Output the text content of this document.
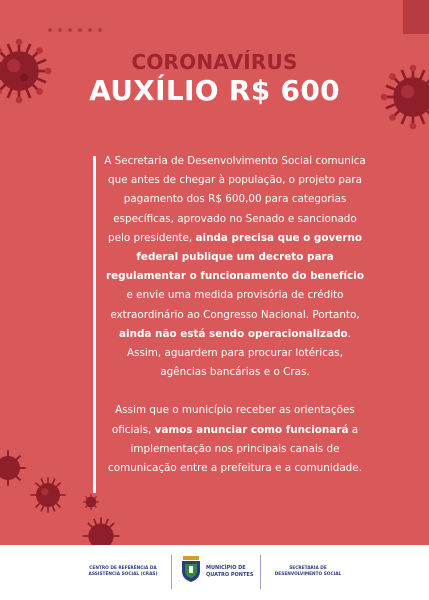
CORONAVÍRUS
AUXÍLIO R$ 600

A Secretaria de Desenvolvimento Social comunica que antes de chegar à população, o projeto para pagamento dos R$ 600,00 para categorias específicas, aprovado no Senado e sancionado pelo presidente, ainda precisa que o governo federal publique um decreto para regulamentar o funcionamento do benefício e envie uma medida provisória de crédito extraordinário ao Congresso Nacional. Portanto, ainda não está sendo operacionalizado. Assim, aguardem para procurar lotéricas, agências bancárias e o Cras.

Assim que o município receber as orientações oficiais, vamos anunciar como funcionará a implementação nos principais canais de comunicação entre a prefeitura e a comunidade.

CENTRO DE REFERÊNCIA DA ASSISTÊNCIA SOCIAL (CRAS)
MUNICÍPIO DE QUATRO PONTES
SECRETARIA DE DESENVOLVIMENTO SOCIAL
